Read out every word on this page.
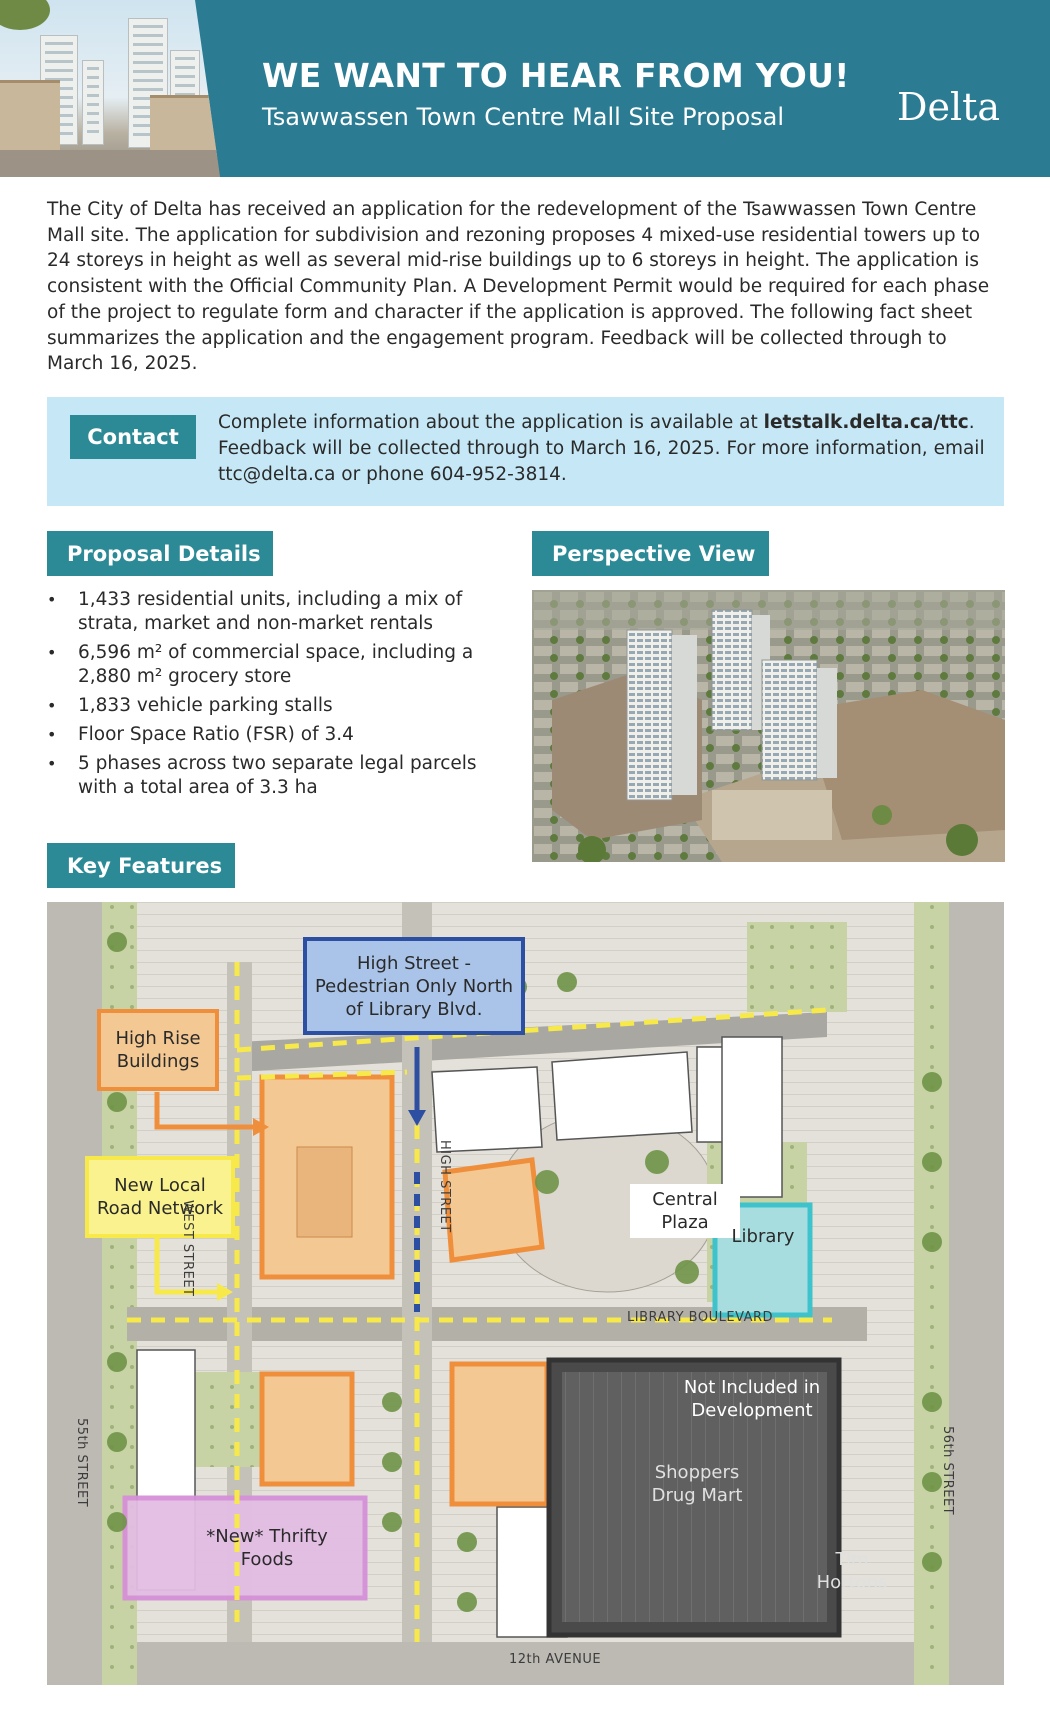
WE WANT TO HEAR FROM YOU!
Tsawwassen Town Centre Mall Site Proposal	Delta

The City of Delta has received an application for the redevelopment of the Tsawwassen Town Centre Mall site. The application for subdivision and rezoning proposes 4 mixed-use residential towers up to 24 storeys in height as well as several mid-rise buildings up to 6 storeys in height. The application is consistent with the Official Community Plan. A Development Permit would be required for each phase of the project to regulate form and character if the application is approved. The following fact sheet summarizes the application and the engagement program. Feedback will be collected through to March 16, 2025.

Contact

Complete information about the application is available at letstalk.delta.ca/ttc. Feedback will be collected through to March 16, 2025. For more information, email ttc@delta.ca or phone 604-952-3814.

Proposal Details	Perspective View
Key Features
• 1,433 residential units, including a mix of strata, market and non-market rentals
• 6,596 m² of commercial space, including a 2,880 m² grocery store
• 1,833 vehicle parking stalls
• Floor Space Ratio (FSR) of 3.4
• 5 phases across two separate legal parcels with a total area of 3.3 ha
High Street - Pedestrian Only North of Library Blvd.
High Rise Buildings
New Local Road Network	Central Plaza
Library
Not Included in Development
Shoppers Drug Mart
Tim Hortons
*New* Thrifty Foods
WEST STREET
HIGH STREET
LIBRARY BOULEVARD
55th STREET	56th STREET
12th AVENUE
